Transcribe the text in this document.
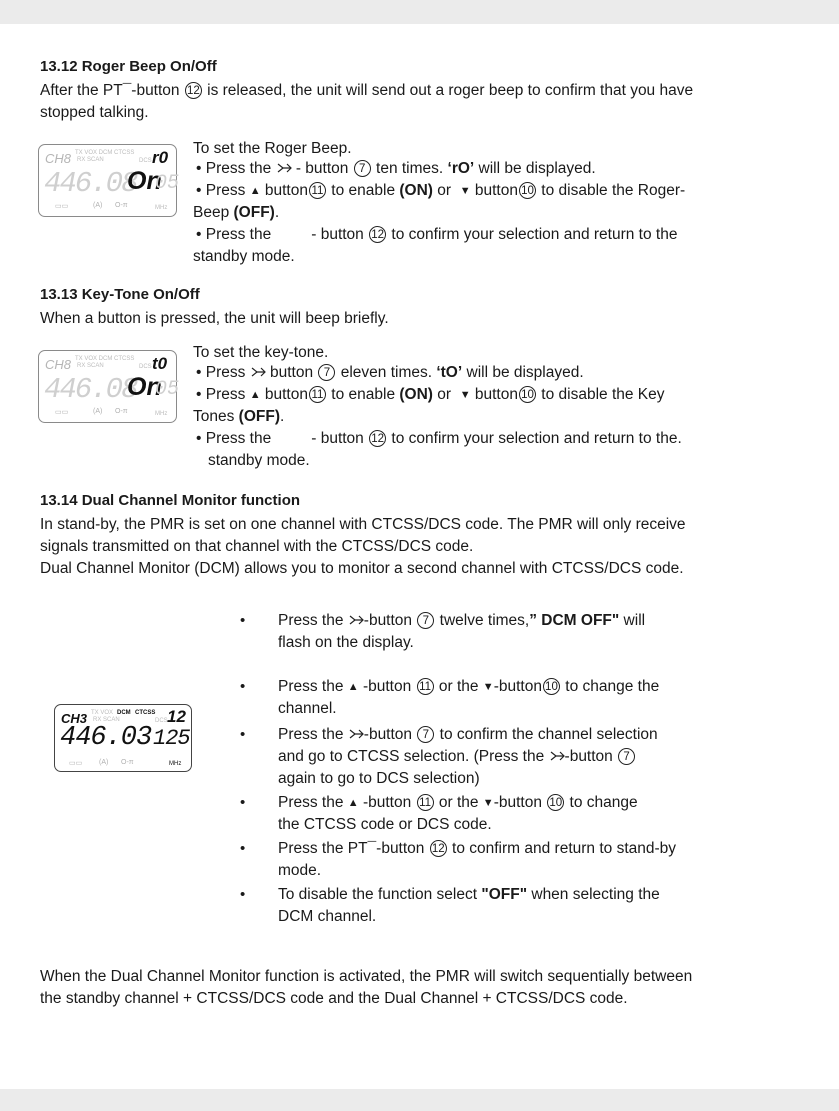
13.12 Roger Beep On/Off
After the PT¯-button 12 is released, the unit will send out a roger beep to confirm that you have
stopped talking.
CH8 TX VOX DCM CTCSS
RX SCAN	DCS r0
446.08
On
05
▭▭	(A) O-π	MHz
To set the Roger Beep.
• Press the  - button 7 ten times. ‘rO’ will be displayed.
• Press ▲ button 11 to enable (ON) or  ▼ button 10 to disable the Roger-
Beep (OFF).
• Press the	- button 12 to confirm your selection and return to the
standby mode.
13.13 Key-Tone On/Off
When a button is pressed, the unit will beep briefly.
CH8 TX VOX DCM CTCSS
RX SCAN	DCS t0
446.08
On
05
▭▭	(A) O-π	MHz
To set the key-tone.
• Press  button 7 eleven times. ‘tO’ will be displayed.
• Press ▲ button 11 to enable (ON) or  ▼ button 10 to disable the Key
Tones (OFF).
• Press the	- button 12 to confirm your selection and return to the.
standby mode.
13.14 Dual Channel Monitor function
In stand-by, the PMR is set on one channel with CTCSS/DCS code. The PMR will only receive
signals transmitted on that channel with the CTCSS/DCS code.
Dual Channel Monitor (DCM) allows you to monitor a second channel with CTCSS/DCS code.
CH3 TX VOX DCM CTCSS
RX SCAN	DCS 12
446.03 125
▭▭ (A) O-π	MHz
• Press the -button 7 twelve times,” DCM OFF" will
flash on the display.
• Press the ▲ -button 11 or the ▼-button 10 to change the
channel.
• Press the -button 7 to confirm the channel selection
and go to CTCSS selection. (Press the -button 7
again to go to DCS selection)
• Press the ▲ -button 11 or the ▼-button 10 to change
the CTCSS code or DCS code.
• Press the PT¯-button 12 to confirm and return to stand-by
mode.
• To disable the function select "OFF" when selecting the
DCM channel.
When the Dual Channel Monitor function is activated, the PMR will switch sequentially between
the standby channel + CTCSS/DCS code and the Dual Channel + CTCSS/DCS code.
